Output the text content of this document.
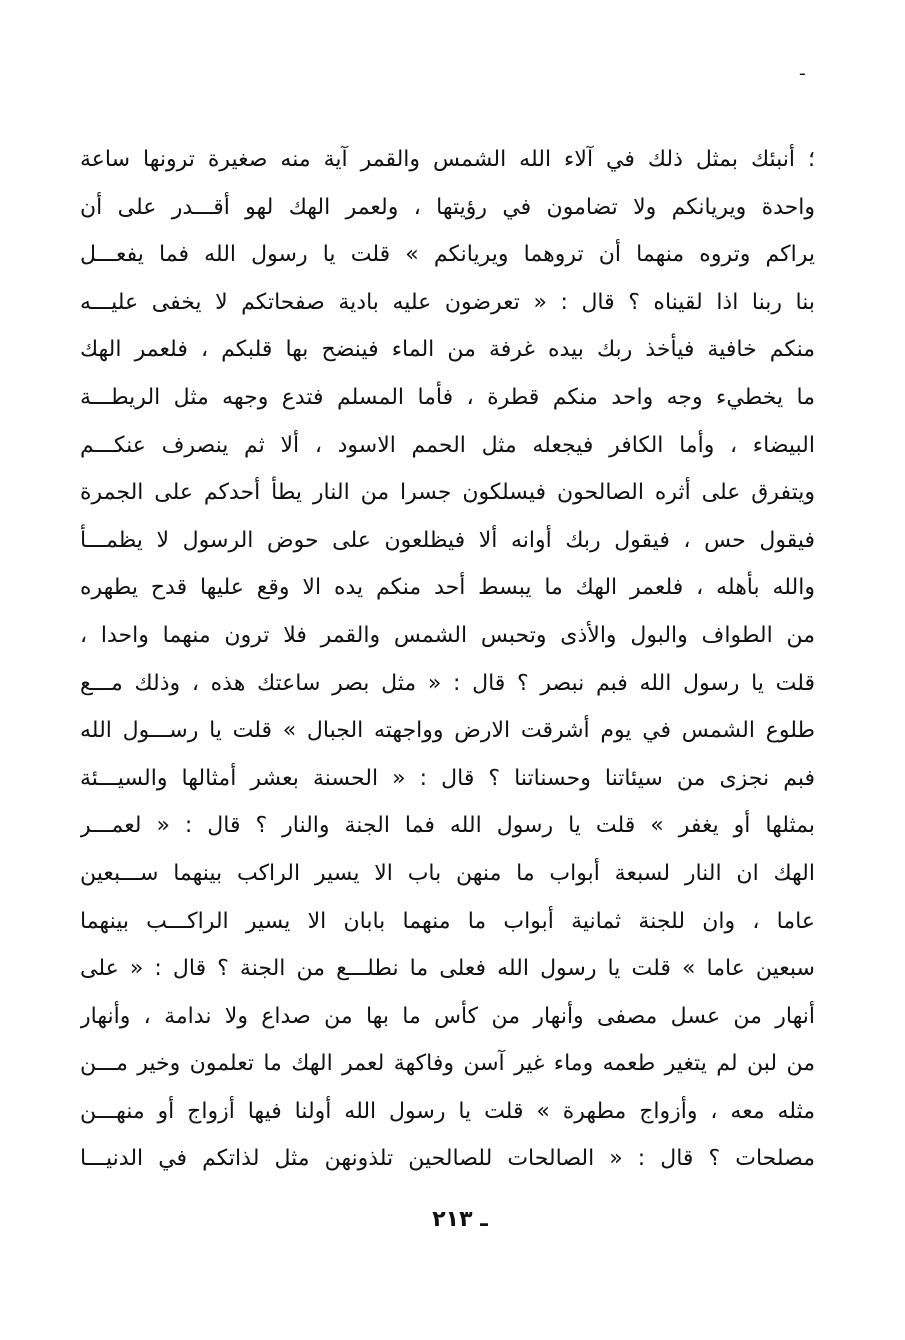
ـ
؛ أنبئك بمثل ذلك في آلاء الله الشمس والقمر آية منه صغيرة ترونها ساعة
واحدة ويريانكم ولا تضامون في رؤيتها ، ولعمر الهك لهو أقـــدر على أن
يراكم وتروه منهما أن تروهما ويريانكم » قلت يا رسول الله فما يفعـــل
بنا ربنا اذا لقيناه ؟ قال : « تعرضون عليه بادية صفحاتكم لا يخفى عليـــه
منكم خافية فيأخذ ربك بيده غرفة من الماء فينضح بها قلبكم ، فلعمر الهك
ما يخطيء وجه واحد منكم قطرة ، فأما المسلم فتدع وجهه مثل الريطـــة
البيضاء ، وأما الكافر فيجعله مثل الحمم الاسود ، ألا ثم ينصرف عنكـــم
ويتفرق على أثره الصالحون فيسلكون جسرا من النار يطأ أحدكم على الجمرة
فيقول حس ، فيقول ربك أوانه ألا فيظلعون على حوض الرسول لا يظمـــأ
والله بأهله ، فلعمر الهك ما يبسط أحد منكم يده الا وقع عليها قدح يطهره
من الطواف والبول والأذى وتحبس الشمس والقمر فلا ترون منهما واحدا ،
قلت يا رسول الله فبم نبصر ؟ قال : « مثل بصر ساعتك هذه ، وذلك مـــع
طلوع الشمس في يوم أشرقت الارض وواجهته الجبال » قلت يا رســـول الله
فبم نجزى من سيئاتنا وحسناتنا ؟ قال : « الحسنة بعشر أمثالها والسيـــئة
بمثلها أو يغفر » قلت يا رسول الله فما الجنة والنار ؟ قال : « لعمـــر
الهك ان النار لسبعة أبواب ما منهن باب الا يسير الراكب بينهما ســـبعين
عاما ، وان للجنة ثمانية أبواب ما منهما بابان الا يسير الراكـــب بينهما
سبعين عاما » قلت يا رسول الله فعلى ما نطلـــع من الجنة ؟ قال : « على
أنهار من عسل مصفى وأنهار من كأس ما بها من صداع ولا ندامة ، وأنهار
من لبن لم يتغير طعمه وماء غير آسن وفاكهة لعمر الهك ما تعلمون وخير مـــن
مثله معه ، وأزواج مطهرة » قلت يا رسول الله أولنا فيها أزواج أو منهـــن
مصلحات ؟ قال : « الصالحات للصالحين تلذونهن مثل لذاتكم في الدنيـــا
ـ ٢١٣
